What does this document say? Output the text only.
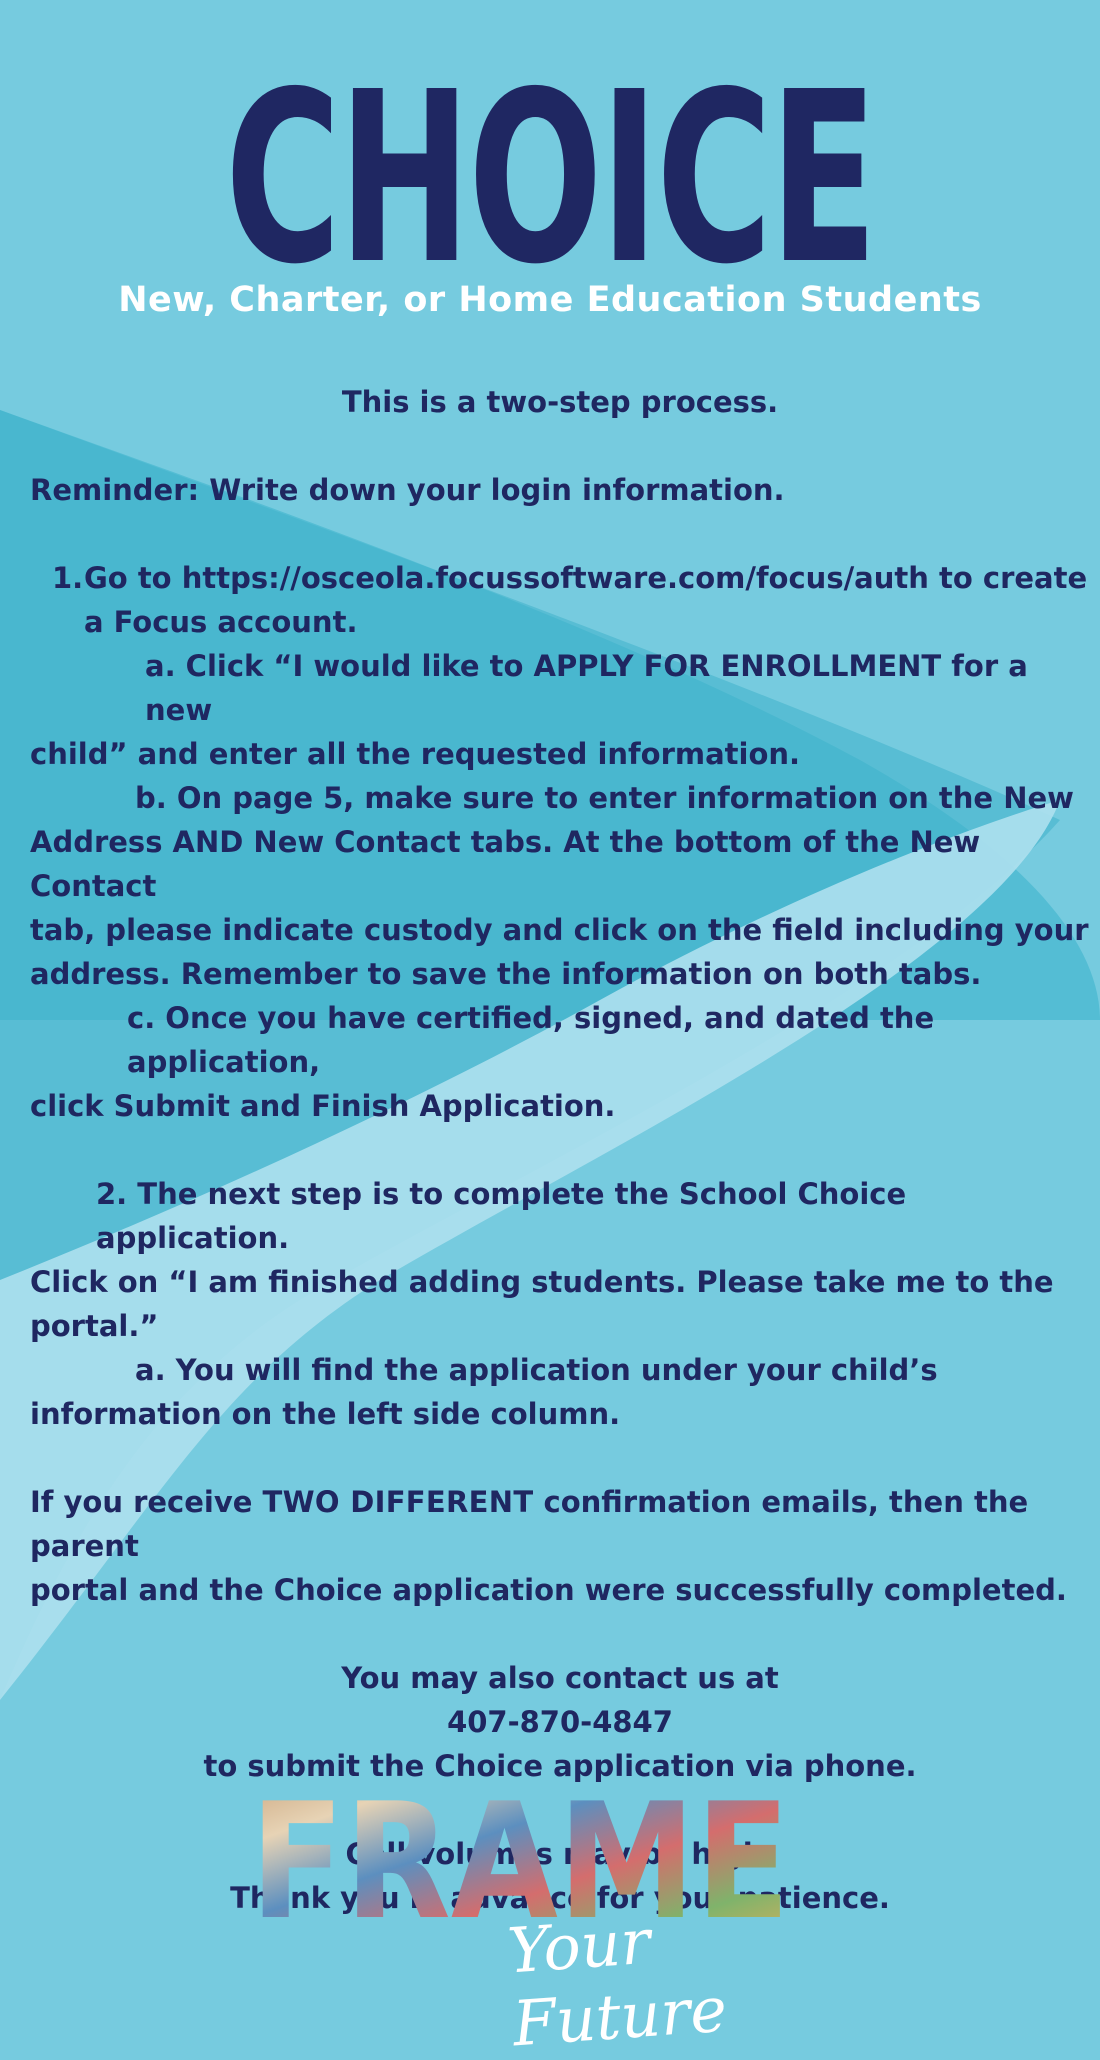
CHOICE
New, Charter, or Home Education Students
This is a two-step process.
Reminder: Write down your login information.
1. Go to https://osceola.focussoftware.com/focus/auth to create
a Focus account.
a. Click “I would like to APPLY FOR ENROLLMENT for a new
child” and enter all the requested information.
b. On page 5, make sure to enter information on the New
Address AND New Contact tabs. At the bottom of the New Contact
tab, please indicate custody and click on the field including your
address. Remember to save the information on both tabs.
c. Once you have certified, signed, and dated the application,
click Submit and Finish Application.
2. The next step is to complete the School Choice application.
Click on “I am finished adding students. Please take me to the
portal.”
a. You will find the application under your child’s
information on the left side column.
If you receive TWO DIFFERENT confirmation emails, then the parent
portal and the Choice application were successfully completed.
You may also contact us at
407-870-4847
to submit the Choice application via phone.
Call volumes may be high.
Thank you in advance for your patience.
FRAME
Your Future
